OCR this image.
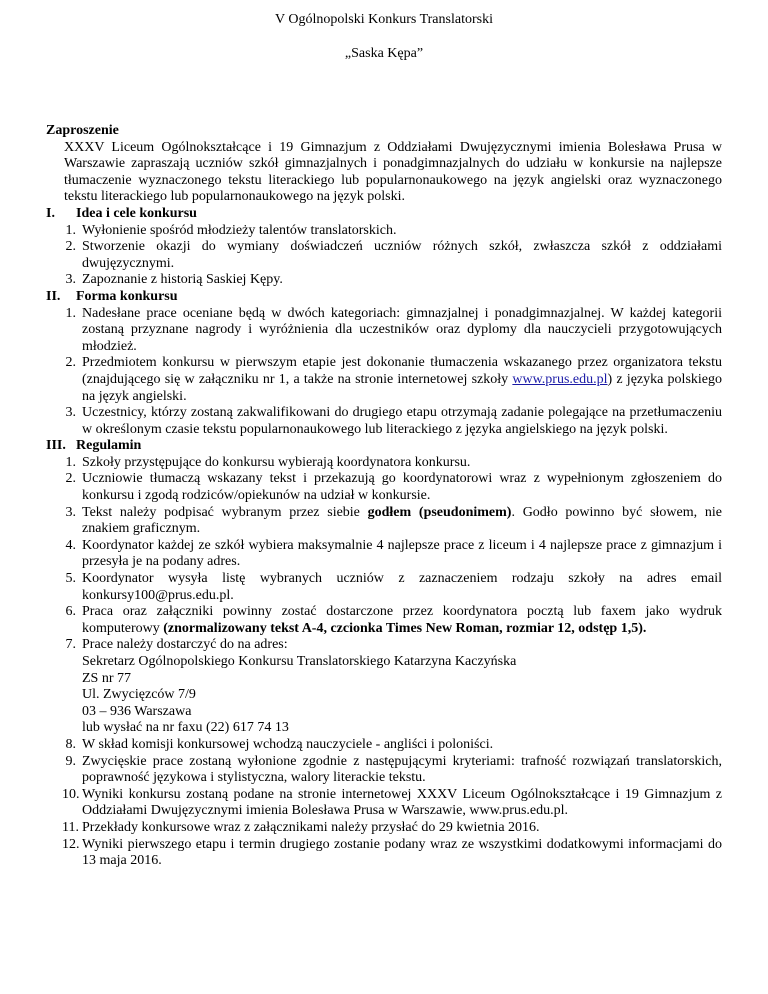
V Ogólnopolski Konkurs Translatorski
„Saska Kępa”
Zaproszenie
XXXV Liceum Ogólnokształcące i 19 Gimnazjum z Oddziałami Dwujęzycznymi imienia Bolesława Prusa w Warszawie zapraszają uczniów szkół gimnazjalnych i ponadgimnazjalnych do udziału w konkursie na najlepsze tłumaczenie wyznaczonego tekstu literackiego lub popularnonaukowego na język angielski oraz wyznaczonego tekstu literackiego lub popularnonaukowego na język polski.
I.	Idea i cele konkursu
1. Wyłonienie spośród młodzieży talentów translatorskich.
2. Stworzenie okazji do wymiany doświadczeń uczniów różnych szkół, zwłaszcza szkół z oddziałami dwujęzycznymi.
3. Zapoznanie z historią Saskiej Kępy.
II.	Forma konkursu
1. Nadesłane prace oceniane będą w dwóch kategoriach: gimnazjalnej i ponadgimnazjalnej. W każdej kategorii zostaną przyznane nagrody i wyróżnienia dla uczestników oraz dyplomy dla nauczycieli przygotowujących młodzież.
2. Przedmiotem konkursu w pierwszym etapie jest dokonanie tłumaczenia wskazanego przez organizatora tekstu (znajdującego się w załączniku nr 1, a także na stronie internetowej szkoły www.prus.edu.pl) z języka polskiego na język angielski.
3. Uczestnicy, którzy zostaną zakwalifikowani do drugiego etapu otrzymają zadanie polegające na przetłumaczeniu w określonym czasie tekstu popularnonaukowego lub literackiego z języka angielskiego na język polski.
III. Regulamin
1. Szkoły przystępujące do konkursu wybierają koordynatora konkursu.
2. Uczniowie tłumaczą wskazany tekst i przekazują go koordynatorowi wraz z wypełnionym zgłoszeniem do konkursu i zgodą rodziców/opiekunów na udział w konkursie.
3. Tekst należy podpisać wybranym przez siebie godłem (pseudonimem). Godło powinno być słowem, nie znakiem graficznym.
4. Koordynator każdej ze szkół wybiera maksymalnie 4 najlepsze prace z liceum i 4 najlepsze prace z gimnazjum i przesyła je na podany adres.
5. Koordynator wysyła listę wybranych uczniów z zaznaczeniem rodzaju szkoły na adres email konkursy100@prus.edu.pl.
6. Praca oraz załączniki powinny zostać dostarczone przez koordynatora pocztą lub faxem jako wydruk komputerowy (znormalizowany tekst A-4, czcionka Times New Roman, rozmiar 12, odstęp 1,5).
7. Prace należy dostarczyć do na adres:
Sekretarz Ogólnopolskiego Konkursu Translatorskiego Katarzyna Kaczyńska
ZS nr 77
Ul. Zwycięzców 7/9
03 – 936 Warszawa
lub wysłać na nr faxu (22) 617 74 13
8. W skład komisji konkursowej wchodzą nauczyciele - angliści i poloniści.
9. Zwycięskie prace zostaną wyłonione zgodnie z następującymi kryteriami: trafność rozwiązań translatorskich, poprawność językowa i stylistyczna, walory literackie tekstu.
10. Wyniki konkursu zostaną podane na stronie internetowej XXXV Liceum Ogólnokształcące i 19 Gimnazjum z Oddziałami Dwujęzycznymi imienia Bolesława Prusa w Warszawie, www.prus.edu.pl.
11. Przekłady konkursowe wraz z załącznikami należy przysłać do 29 kwietnia 2016.
12. Wyniki pierwszego etapu i termin drugiego zostanie podany wraz ze wszystkimi dodatkowymi informacjami do 13 maja 2016.
